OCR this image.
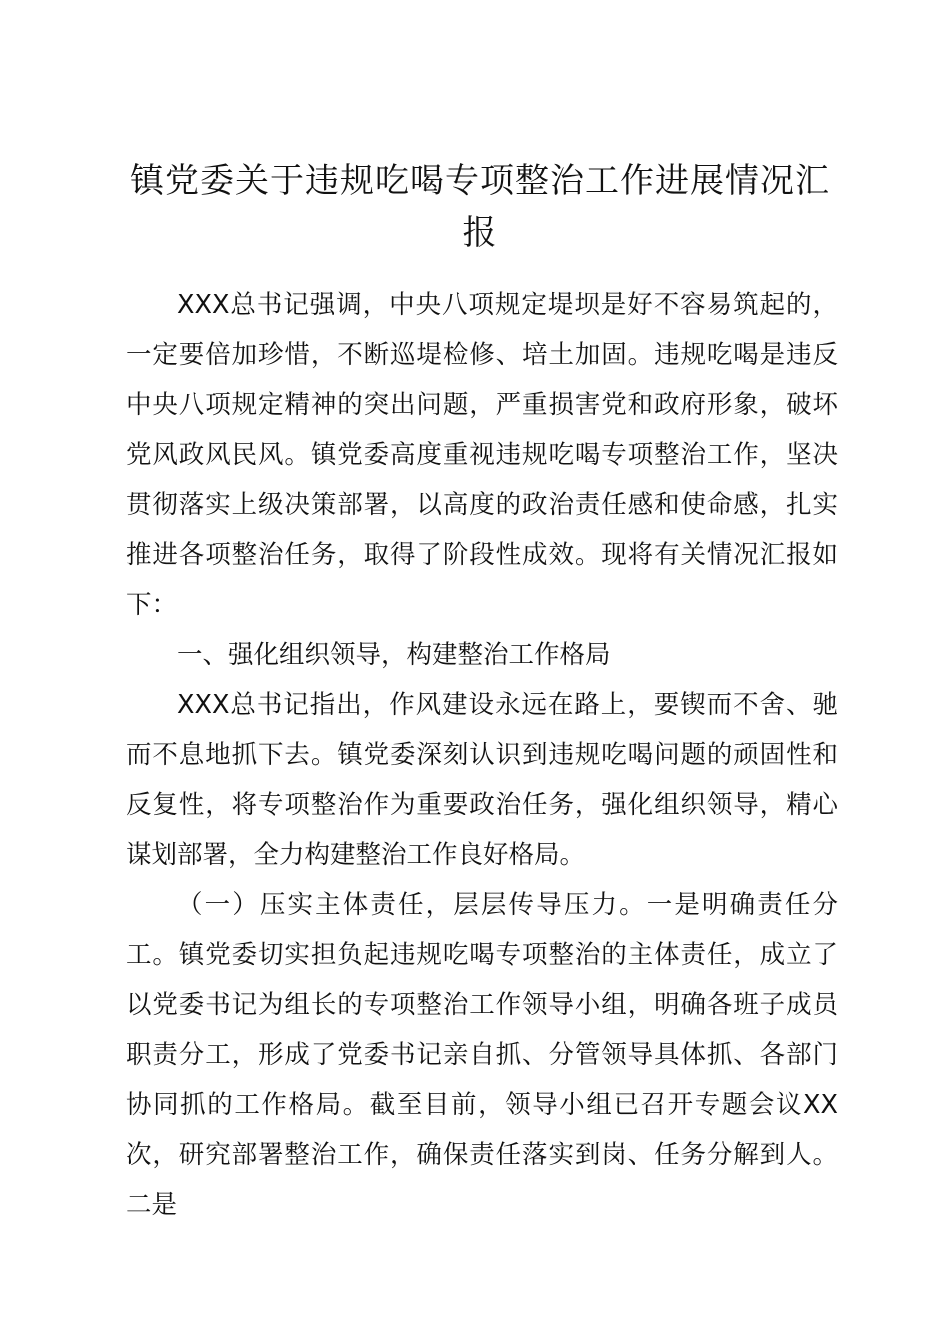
镇党委关于违规吃喝专项整治工作进展情况汇报

XXX总书记强调，中央八项规定堤坝是好不容易筑起的，一定要倍加珍惜，不断巡堤检修、培土加固。违规吃喝是违反中央八项规定精神的突出问题，严重损害党和政府形象，破坏党风政风民风。镇党委高度重视违规吃喝专项整治工作，坚决贯彻落实上级决策部署，以高度的政治责任感和使命感，扎实推进各项整治任务，取得了阶段性成效。现将有关情况汇报如下：

一、强化组织领导，构建整治工作格局

XXX总书记指出，作风建设永远在路上，要锲而不舍、驰而不息地抓下去。镇党委深刻认识到违规吃喝问题的顽固性和反复性，将专项整治作为重要政治任务，强化组织领导，精心谋划部署，全力构建整治工作良好格局。

（一）压实主体责任，层层传导压力。一是明确责任分工。镇党委切实担负起违规吃喝专项整治的主体责任，成立了以党委书记为组长的专项整治工作领导小组，明确各班子成员职责分工，形成了党委书记亲自抓、分管领导具体抓、各部门协同抓的工作格局。截至目前，领导小组已召开专题会议XX次，研究部署整治工作，确保责任落实到岗、任务分解到人。二是
